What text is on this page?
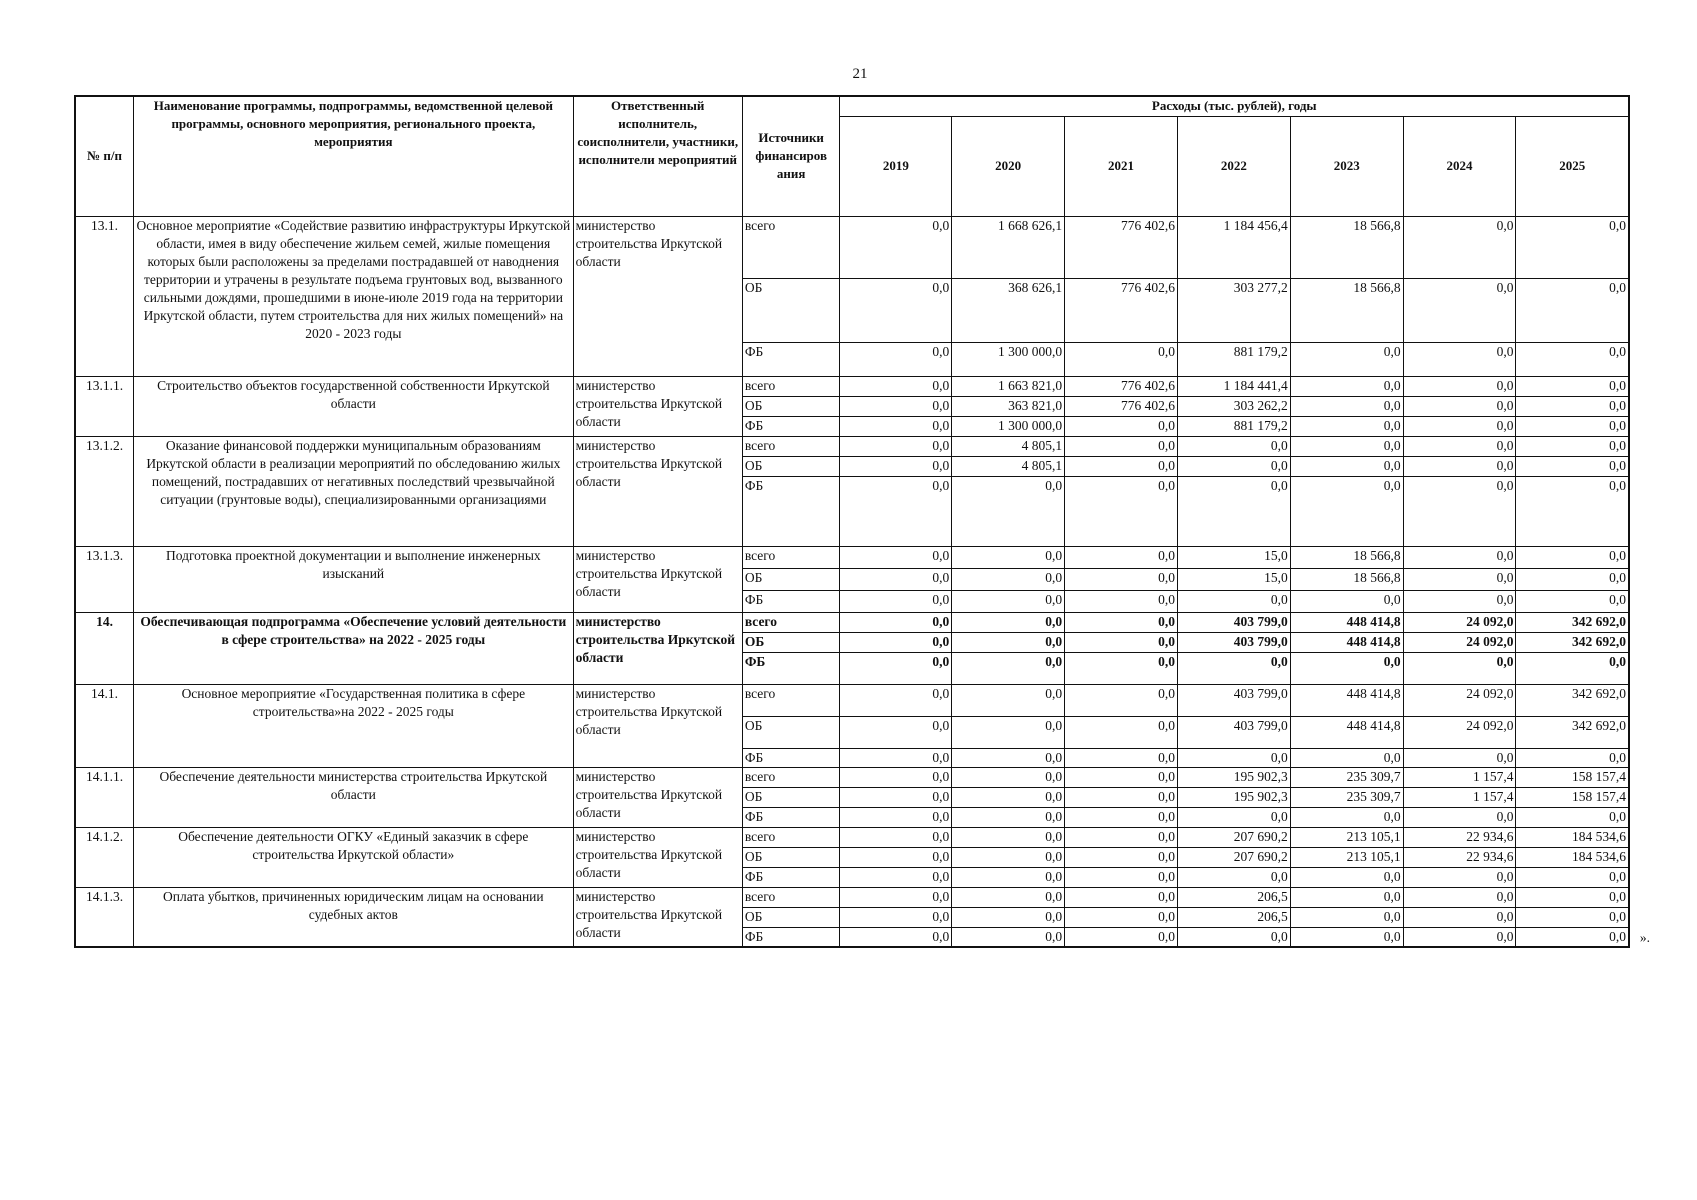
21
№ п/п	Наименование программы, подпрограммы, ведомственной целевой программы, основного мероприятия, регионального проекта, мероприятия	Ответственный исполнитель, соисполнители, участники, исполнители мероприятий	Источники финансиров ания	Расходы (тыс. рублей), годы						
				2019	2020	2021	2022	2023	2024	2025
13.1.	Основное мероприятие «Содействие развитию инфраструктуры Иркутской области, имея в виду обеспечение жильем семей, жилые помещения которых были расположены за пределами пострадавшей от наводнения территории и утрачены в результате подъема грунтовых вод, вызванного сильными дождями, прошедшими в июне-июле 2019 года на территории Иркутской области, путем строительства для них жилых помещений» на 2020 - 2023 годы	министерство строительства Иркутской области	всего	0,0	1 668 626,1	776 402,6	1 184 456,4	18 566,8	0,0	0,0
			ОБ	0,0	368 626,1	776 402,6	303 277,2	18 566,8	0,0	0,0
			ФБ	0,0	1 300 000,0	0,0	881 179,2	0,0	0,0	0,0
13.1.1.	Строительство объектов государственной собственности Иркутской области	министерство строительства Иркутской области	всего	0,0	1 663 821,0	776 402,6	1 184 441,4	0,0	0,0	0,0
			ОБ	0,0	363 821,0	776 402,6	303 262,2	0,0	0,0	0,0
			ФБ	0,0	1 300 000,0	0,0	881 179,2	0,0	0,0	0,0
13.1.2.	Оказание финансовой поддержки муниципальным образованиям Иркутской области в реализации мероприятий по обследованию жилых помещений, пострадавших от негативных последствий чрезвычайной ситуации (грунтовые воды), специализированными организациями	министерство строительства Иркутской области	всего	0,0	4 805,1	0,0	0,0	0,0	0,0	0,0
			ОБ	0,0	4 805,1	0,0	0,0	0,0	0,0	0,0
			ФБ	0,0	0,0	0,0	0,0	0,0	0,0	0,0
13.1.3.	Подготовка проектной документации и выполнение инженерных изысканий	министерство строительства Иркутской области	всего	0,0	0,0	0,0	15,0	18 566,8	0,0	0,0
			ОБ	0,0	0,0	0,0	15,0	18 566,8	0,0	0,0
			ФБ	0,0	0,0	0,0	0,0	0,0	0,0	0,0
14.	Обеспечивающая подпрограмма «Обеспечение условий деятельности в сфере строительства» на 2022 - 2025 годы	министерство строительства Иркутской области	всего	0,0	0,0	0,0	403 799,0	448 414,8	24 092,0	342 692,0
			ОБ	0,0	0,0	0,0	403 799,0	448 414,8	24 092,0	342 692,0
			ФБ	0,0	0,0	0,0	0,0	0,0	0,0	0,0
14.1.	Основное мероприятие «Государственная политика в сфере строительства»на 2022 - 2025 годы	министерство строительства Иркутской области	всего	0,0	0,0	0,0	403 799,0	448 414,8	24 092,0	342 692,0
			ОБ	0,0	0,0	0,0	403 799,0	448 414,8	24 092,0	342 692,0
			ФБ	0,0	0,0	0,0	0,0	0,0	0,0	0,0
14.1.1.	Обеспечение деятельности министерства строительства Иркутской области	министерство строительства Иркутской области	всего	0,0	0,0	0,0	195 902,3	235 309,7	1 157,4	158 157,4
			ОБ	0,0	0,0	0,0	195 902,3	235 309,7	1 157,4	158 157,4
			ФБ	0,0	0,0	0,0	0,0	0,0	0,0	0,0
14.1.2.	Обеспечение деятельности ОГКУ «Единый заказчик в сфере строительства Иркутской области»	министерство строительства Иркутской области	всего	0,0	0,0	0,0	207 690,2	213 105,1	22 934,6	184 534,6
			ОБ	0,0	0,0	0,0	207 690,2	213 105,1	22 934,6	184 534,6
			ФБ	0,0	0,0	0,0	0,0	0,0	0,0	0,0
14.1.3.	Оплата убытков, причиненных юридическим лицам на основании судебных актов	министерство строительства Иркутской области	всего	0,0	0,0	0,0	206,5	0,0	0,0	0,0
			ОБ	0,0	0,0	0,0	206,5	0,0	0,0	0,0
			ФБ	0,0	0,0	0,0	0,0	0,0	0,0	0,0 ».
